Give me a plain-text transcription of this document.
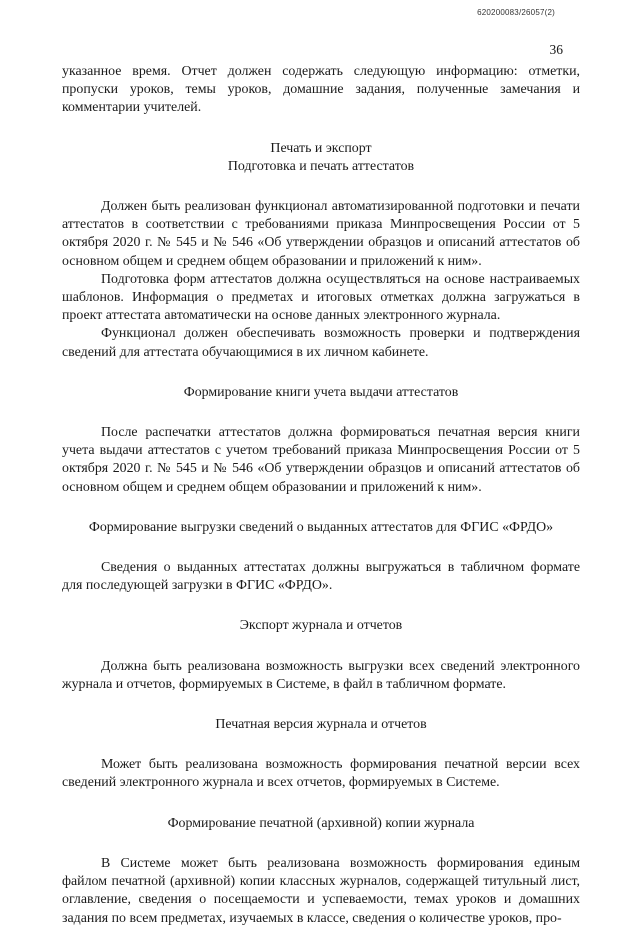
620200083/26057(2)
36

указанное время. Отчет должен содержать следующую информацию: отметки, пропуски уроков, темы уроков, домашние задания, полученные замечания и комментарии учителей.

Печать и экспорт

Подготовка и печать аттестатов

Должен быть реализован функционал автоматизированной подготовки и печати аттестатов в соответствии с требованиями приказа Минпросвещения России от 5 октября 2020 г. № 545 и № 546 «Об утверждении образцов и описаний аттестатов об основном общем и среднем общем образовании и приложений к ним».

Подготовка форм аттестатов должна осуществляться на основе настраиваемых шаблонов. Информация о предметах и итоговых отметках должна загружаться в проект аттестата автоматически на основе данных электронного журнала.

Функционал должен обеспечивать возможность проверки и подтверждения сведений для аттестата обучающимися в их личном кабинете.

Формирование книги учета выдачи аттестатов

После распечатки аттестатов должна формироваться печатная версия книги учета выдачи аттестатов с учетом требований приказа Минпросвещения России от 5 октября 2020 г. № 545 и № 546 «Об утверждении образцов и описаний аттестатов об основном общем и среднем общем образовании и приложений к ним».

Формирование выгрузки сведений о выданных аттестатов для ФГИС «ФРДО»

Сведения о выданных аттестатах должны выгружаться в табличном формате для последующей загрузки в ФГИС «ФРДО».

Экспорт журнала и отчетов

Должна быть реализована возможность выгрузки всех сведений электронного журнала и отчетов, формируемых в Системе, в файл в табличном формате.

Печатная версия журнала и отчетов

Может быть реализована возможность формирования печатной версии всех сведений электронного журнала и всех отчетов, формируемых в Системе.

Формирование печатной (архивной) копии журнала

В Системе может быть реализована возможность формирования единым файлом печатной (архивной) копии классных журналов, содержащей титульный лист, оглавление, сведения о посещаемости и успеваемости, темах уроков и домашних задания по всем предметах, изучаемых в классе, сведения о количестве уроков, про-
